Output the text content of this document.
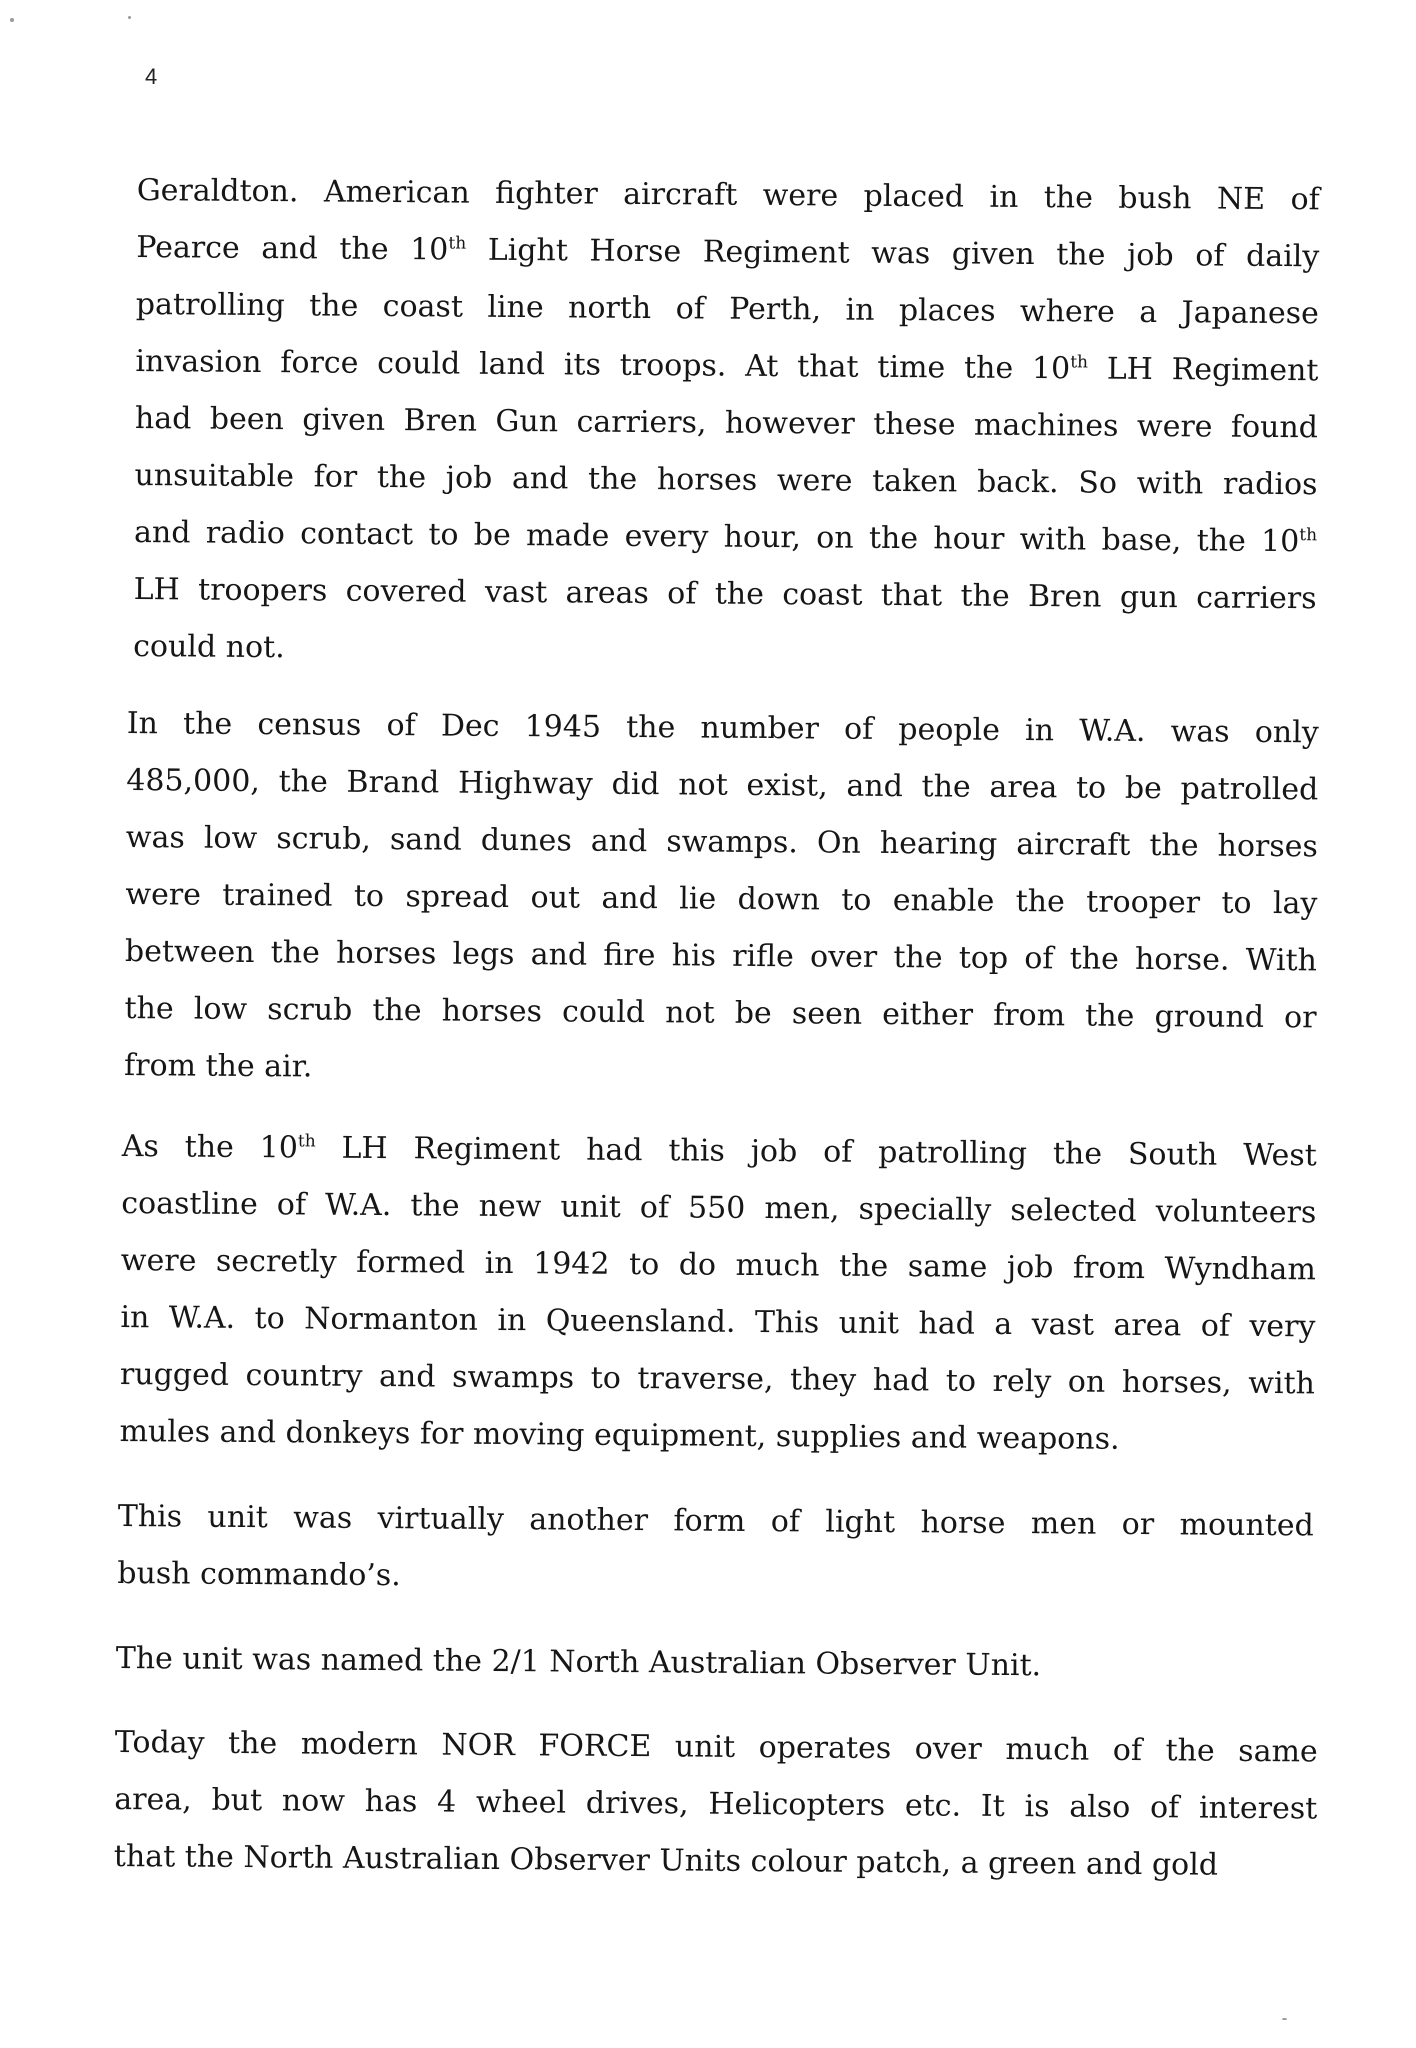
4
Geraldton. American fighter aircraft were placed in the bush NE of
Pearce and the 10th Light Horse Regiment was given the job of daily
patrolling the coast line north of Perth, in places where a Japanese
invasion force could land its troops. At that time the 10th LH Regiment
had been given Bren Gun carriers, however these machines were found
unsuitable for the job and the horses were taken back. So with radios
and radio contact to be made every hour, on the hour with base, the 10th
LH troopers covered vast areas of the coast that the Bren gun carriers
could not.
In the census of Dec 1945 the number of people in W.A. was only
485,000, the Brand Highway did not exist, and the area to be patrolled
was low scrub, sand dunes and swamps. On hearing aircraft the horses
were trained to spread out and lie down to enable the trooper to lay
between the horses legs and fire his rifle over the top of the horse. With
the low scrub the horses could not be seen either from the ground or
from the air.
As the 10th LH Regiment had this job of patrolling the South West
coastline of W.A. the new unit of 550 men, specially selected volunteers
were secretly formed in 1942 to do much the same job from Wyndham
in W.A. to Normanton in Queensland. This unit had a vast area of very
rugged country and swamps to traverse, they had to rely on horses, with
mules and donkeys for moving equipment, supplies and weapons.
This unit was virtually another form of light horse men or mounted
bush commando’s.
The unit was named the 2/1 North Australian Observer Unit.
Today the modern NOR FORCE unit operates over much of the same
area, but now has 4 wheel drives, Helicopters etc. It is also of interest
that the North Australian Observer Units colour patch, a green and gold
